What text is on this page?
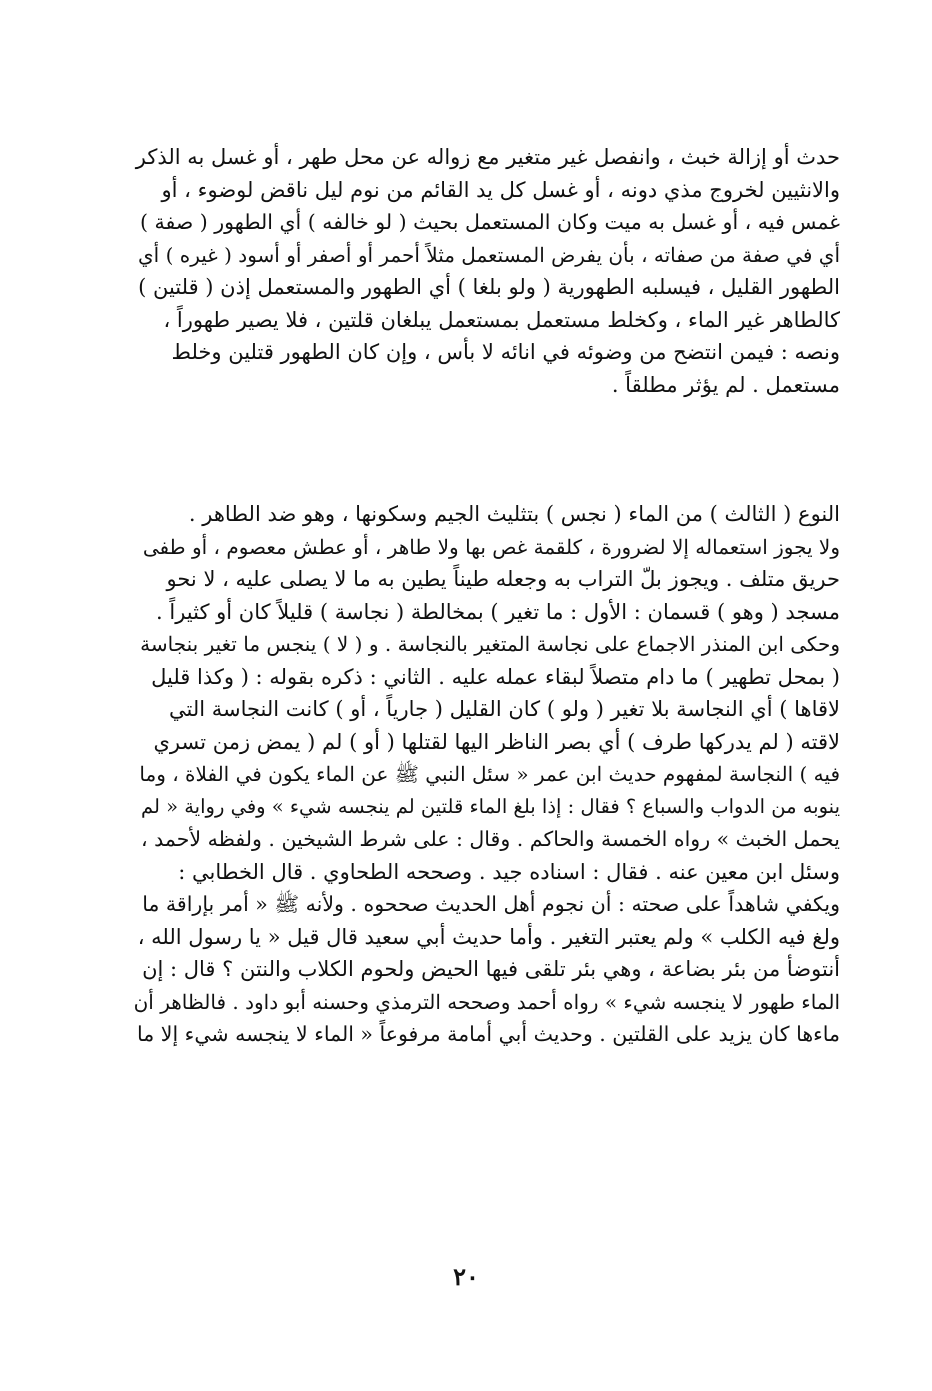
حدث أو إزالة خبث ، وانفصل غير متغير مع زواله عن محل طهر ، أو غسل به الذكر
والانثيين لخروج مذي دونه ، أو غسل كل يد القائم من نوم ليل ناقض لوضوء ، أو
غمس فيه ، أو غسل به ميت وكان المستعمل بحيث ( لو خالفه ) أي الطهور ( صفة )
أي في صفة من صفاته ، بأن يفرض المستعمل مثلاً أحمر أو أصفر أو أسود ( غيره ) أي
الطهور القليل ، فيسلبه الطهورية ( ولو بلغا ) أي الطهور والمستعمل إذن ( قلتين )
كالطاهر غير الماء ، وكخلط مستعمل بمستعمل يبلغان قلتين ، فلا يصير طهوراً ،
ونصه : فيمن انتضح من وضوئه في انائه لا بأس ، وإن كان الطهور قتلين وخلط
مستعمل . لم يؤثر مطلقاً .
النوع ( الثالث ) من الماء ( نجس ) بتثليث الجيم وسكونها ، وهو ضد الطاهر .
ولا يجوز استعماله إلا لضرورة ، كلقمة غص بها ولا طاهر ، أو عطش معصوم ، أو طفى
حريق متلف . ويجوز بلّ التراب به وجعله طيناً يطين به ما لا يصلى عليه ، لا نحو
مسجد ( وهو ) قسمان : الأول : ما تغير ) بمخالطة ( نجاسة ) قليلاً كان أو كثيراً .
وحكى ابن المنذر الاجماع على نجاسة المتغير بالنجاسة . و ( لا ) ينجس ما تغير بنجاسة
( بمحل تطهير ) ما دام متصلاً لبقاء عمله عليه . الثاني : ذكره بقوله : ( وكذا قليل
لاقاها ) أي النجاسة بلا تغير ( ولو ) كان القليل ( جارياً ، أو ) كانت النجاسة التي
لاقته ( لم يدركها طرف ) أي بصر الناظر اليها لقتلها ( أو ) لم ( يمض زمن تسري
فيه ) النجاسة لمفهوم حديث ابن عمر « سئل النبي ﷺ عن الماء يكون في الفلاة ، وما
ينوبه من الدواب والسباع ؟ فقال : إذا بلغ الماء قلتين لم ينجسه شيء » وفي رواية « لم
يحمل الخبث » رواه الخمسة والحاكم . وقال : على شرط الشيخين . ولفظه لأحمد ،
وسئل ابن معين عنه . فقال : اسناده جيد . وصححه الطحاوي . قال الخطابي :
ويكفي شاهداً على صحته : أن نجوم أهل الحديث صححوه . ولأنه ﷺ « أمر بإراقة ما
ولغ فيه الكلب » ولم يعتبر التغير . وأما حديث أبي سعيد قال قيل « يا رسول الله ،
أنتوضأ من بئر بضاعة ، وهي بئر تلقى فيها الحيض ولحوم الكلاب والنتن ؟ قال : إن
الماء طهور لا ينجسه شيء » رواه أحمد وصححه الترمذي وحسنه أبو داود . فالظاهر أن
ماءها كان يزيد على القلتين . وحديث أبي أمامة مرفوعاً « الماء لا ينجسه شيء إلا ما
٢٠
